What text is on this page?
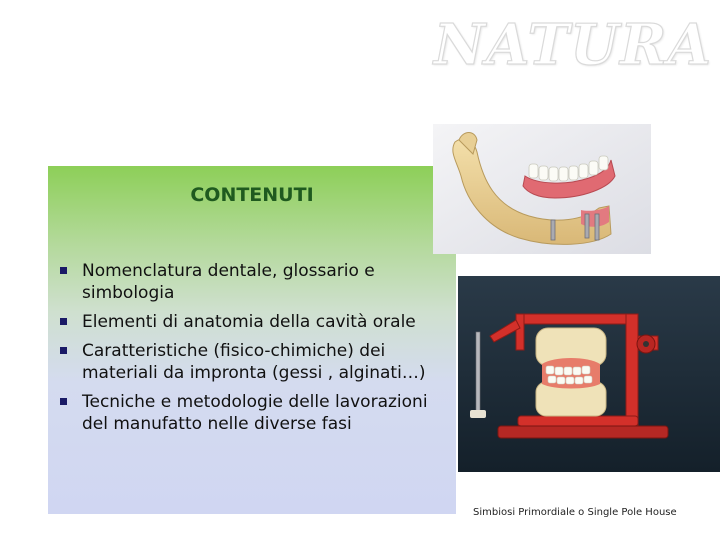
NATURA
CONTENUTI
Nomenclatura dentale, glossario e simbologia
Elementi di anatomia della cavità orale
Caratteristiche (fisico-chimiche) dei materiali da impronta (gessi , alginati…)
Tecniche e metodologie delle lavorazioni del manufatto nelle diverse fasi
Simbiosi Primordiale o Single Pole House
